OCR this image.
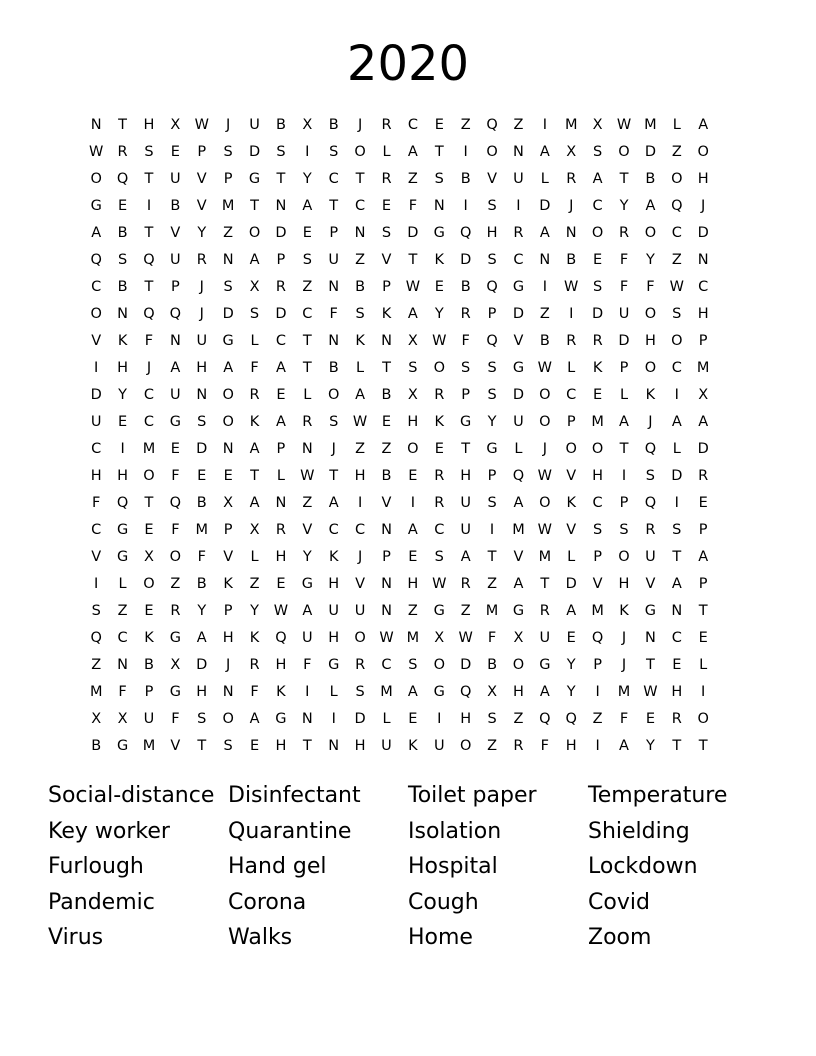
2020
N	T	H	X W	J	U	B	X	B	J	R	C	E	Z	Q	Z	I	M	X W M	L	A
W R	S	E	P	S	D	S	I	S	O	L	A	T	I	O	N	A	X	S	O	D	Z	O
O	Q	T	U	V	P	G	T	Y	C	T	R	Z	S	B	V	U	L	R	A	T	B	O	H
G	E	I	B	V	M	T	N	A	T	C	E	F	N	I	S	I	D	J	C	Y	A	Q	J
A	B	T	V	Y	Z	O	D	E	P	N	S	D	G	Q	H	R	A	N	O	R	O	C	D
Q	S	Q	U	R	N	A	P	S	U	Z	V	T	K	D	S	C	N	B	E	F	Y	Z	N
C	B	T	P	J	S	X	R	Z	N	B	P	W	E	B	Q	G	I	W	S	F	F	W C
O	N	Q	Q	J	D	S	D	C	F	S	K	A	Y	R	P	D	Z	I	D	U	O	S	H
V	K	F	N	U	G	L	C	T	N	K	N	X W	F	Q	V	B	R	R	D	H	O	P
I	H	J	A	H	A	F	A	T	B	L	T	S	O	S	S	G W	L	K	P	O	C	M
D	Y	C	U	N	O	R	E	L	O	A	B	X	R	P	S	D	O	C	E	L	K	I	X
U	E	C	G	S	O	K	A	R	S	W	E	H	K	G	Y	U	O	P	M	A	J	A	A
C	I	M	E	D	N	A	P	N	J	Z	Z	O	E	T	G	L	J	O	O	T	Q	L	D
H	H	O	F	E	E	T	L	W	T	H	B	E	R	H	P	Q W V	H	I	S	D	R
F	Q	T	Q	B	X	A	N	Z	A	I	V	I	R	U	S	A	O	K	C	P	Q	I	E
C	G	E	F	M	P	X	R	V	C	C	N	A	C	U	I	M W V	S	S	R	S	P
V	G	X	O	F	V	L	H	Y	K	J	P	E	S	A	T	V	M	L	P	O	U	T	A
I	L	O	Z	B	K	Z	E	G	H	V	N	H W R	Z	A	T	D	V	H	V	A	P
S	Z	E	R	Y	P	Y	W A	U	U	N	Z	G	Z	M	G	R	A	M	K	G	N	T
Q	C	K	G	A	H	K	Q	U	H	O W M	X W	F	X	U	E	Q	J	N	C	E
Z	N	B	X	D	J	R	H	F	G	R	C	S	O	D	B	O	G	Y	P	J	T	E	L
M	F	P	G	H	N	F	K	I	L	S	M	A	G	Q	X	H	A	Y	I	M W H	I
X	X	U	F	S	O	A	G	N	I	D	L	E	I	H	S	Z	Q	Q	Z	F	E	R	O
B	G	M	V	T	S	E	H	T	N	H	U	K	U	O	Z	R	F	H	I	A	Y	T	T
Social-distance Disinfectant	Toilet paper	Temperature
Key worker	Quarantine	Isolation	Shielding
Furlough	Hand gel	Hospital	Lockdown
Pandemic	Corona	Cough	Covid
Virus	Walks	Home	Zoom
